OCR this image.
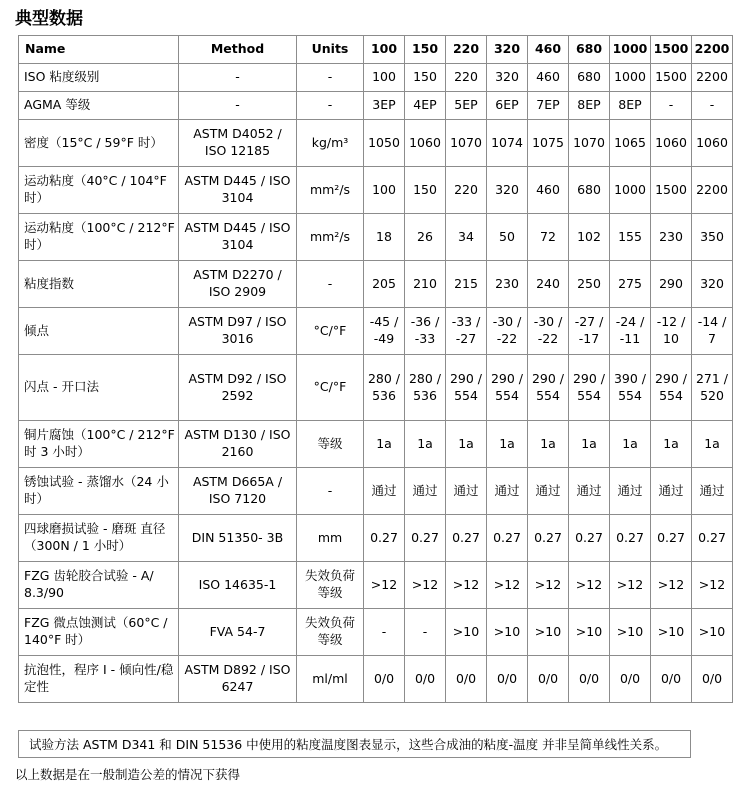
典型数据
Name	Method	Units	100	150	220	320	460	680	1000	1500	2200
ISO 粘度级别	-	-	100	150	220	320	460	680	1000	1500	2200
AGMA 等级	-	-	3EP	4EP	5EP	6EP	7EP	8EP	8EP	-	-
密度（15°C / 59°F 时）	ASTM D4052 / ISO 12185	kg/m³	1050	1060	1070	1074	1075	1070	1065	1060	1060
运动粘度（40°C / 104°F 时）	ASTM D445 / ISO 3104	mm²/s	100	150	220	320	460	680	1000	1500	2200
运动粘度（100°C / 212°F 时）	ASTM D445 / ISO 3104	mm²/s	18	26	34	50	72	102	155	230	350
粘度指数	ASTM D2270 / ISO 2909	-	205	210	215	230	240	250	275	290	320
倾点	ASTM D97 / ISO 3016	°C/°F	-45 / -49	-36 / -33	-33 / -27	-30 / -22	-30 / -22	-27 / -17	-24 / -11	-12 / 10	-14 / 7
闪点 - 开口法	ASTM D92 / ISO 2592	°C/°F	280 / 536	280 / 536	290 / 554	290 / 554	290 / 554	290 / 554	390 / 554	290 / 554	271 / 520
铜片腐蚀（100°C / 212°F 时 3 小时）	ASTM D130 / ISO 2160	等级	1a	1a	1a	1a	1a	1a	1a	1a	1a
锈蚀试验 - 蒸馏水（24 小时）	ASTM D665A / ISO 7120	-	通过	通过	通过	通过	通过	通过	通过	通过	通过
四球磨损试验 - 磨斑 直径（300N / 1 小时）	DIN 51350- 3B	mm	0.27	0.27	0.27	0.27	0.27	0.27	0.27	0.27	0.27
FZG 齿轮胶合试验 - A/ 8.3/90	ISO 14635-1	失效负荷等级	>12	>12	>12	>12	>12	>12	>12	>12	>12
FZG 微点蚀测试（60°C / 140°F 时）	FVA 54-7	失效负荷等级	-	-	>10	>10	>10	>10	>10	>10	>10
抗泡性，程序 I - 倾向性/稳定性	ASTM D892 / ISO 6247	ml/ml	0/0	0/0	0/0	0/0	0/0	0/0	0/0	0/0	0/0
试验方法 ASTM D341 和 DIN 51536 中使用的粘度温度图表显示，这些合成油的粘度-温度 并非呈简单线性关系。
以上数据是在一般制造公差的情况下获得
